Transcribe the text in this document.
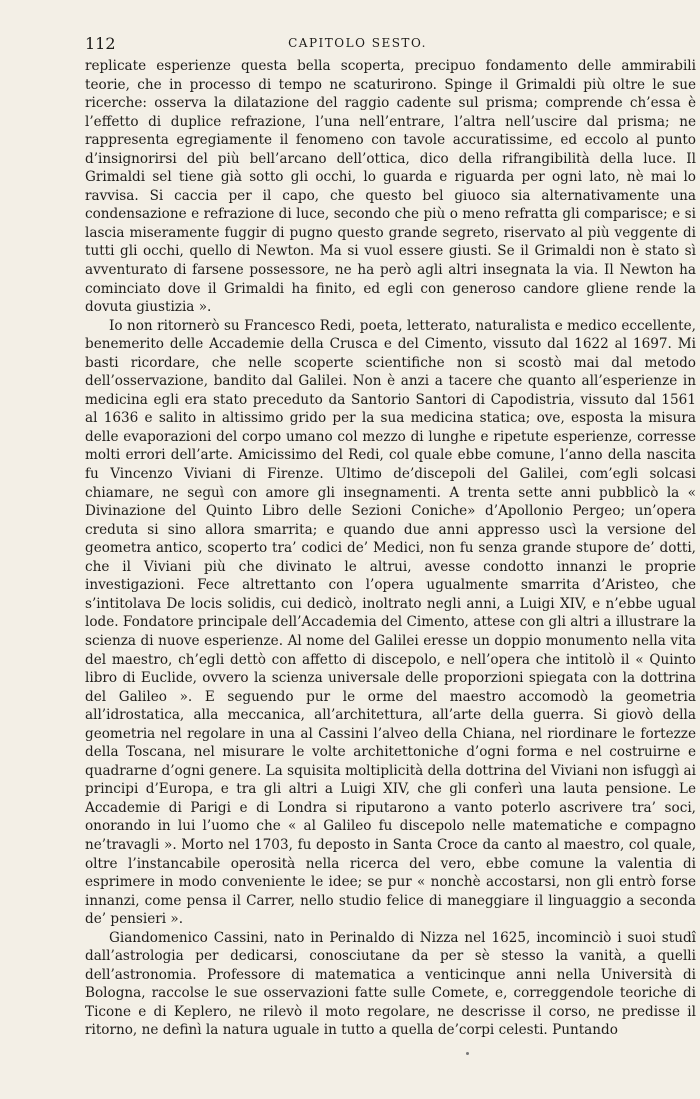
112	CAPITOLO SESTO.

replicate esperienze questa bella scoperta, precipuo fondamento delle ammirabili teorie, che in processo di tempo ne scaturirono. Spinge il Grimaldi più oltre le sue ricerche: osserva la dilatazione del raggio cadente sul prisma; comprende ch’essa è l’effetto di duplice refrazione, l’una nell’entrare, l’altra nell’uscire dal prisma; ne rappresenta egregiamente il fenomeno con tavole accuratissime, ed eccolo al punto d’insignorirsi del più bell’arcano dell’ottica, dico della rifrangibilità della luce. Il Grimaldi sel tiene già sotto gli occhi, lo guarda e riguarda per ogni lato, nè mai lo ravvisa. Si caccia per il capo, che questo bel giuoco sia alternativamente una condensazione e refrazione di luce, secondo che più o meno refratta gli comparisce; e si lascia miseramente fuggir di pugno questo grande segreto, riservato al più veggente di tutti gli occhi, quello di Newton. Ma si vuol essere giusti. Se il Grimaldi non è stato sì avventurato di farsene possessore, ne ha però agli altri insegnata la via. Il Newton ha cominciato dove il Grimaldi ha finito, ed egli con generoso candore gliene rende la dovuta giustizia ».

Io non ritornerò su Francesco Redi, poeta, letterato, naturalista e medico eccellente, benemerito delle Accademie della Crusca e del Cimento, vissuto dal 1622 al 1697. Mi basti ricordare, che nelle scoperte scientifiche non si scostò mai dal metodo dell’osservazione, bandito dal Galilei. Non è anzi a tacere che quanto all’esperienze in medicina egli era stato preceduto da Santorio Santori di Capodistria, vissuto dal 1561 al 1636 e salito in altissimo grido per la sua medicina statica; ove, esposta la misura delle evaporazioni del corpo umano col mezzo di lunghe e ripetute esperienze, corresse molti errori dell’arte. Amicissimo del Redi, col quale ebbe comune, l’anno della nascita fu Vincenzo Viviani di Firenze. Ultimo de’discepoli del Galilei, com’egli solcasi chiamare, ne seguì con amore gli insegnamenti. A trenta sette anni pubblicò la « Divinazione del Quinto Libro delle Sezioni Coniche» d’Apollonio Pergeo; un’opera creduta si sino allora smarrita; e quando due anni appresso uscì la versione del geometra antico, scoperto tra’ codici de’ Medici, non fu senza grande stupore de’ dotti, che il Viviani più che divinato le altrui, avesse condotto innanzi le proprie investigazioni. Fece altrettanto con l’opera ugualmente smarrita d’Aristeo, che s’intitolava De locis solidis, cui dedicò, inoltrato negli anni, a Luigi XIV, e n’ebbe ugual lode. Fondatore principale dell’Accademia del Cimento, attese con gli altri a illustrare la scienza di nuove esperienze. Al nome del Galilei eresse un doppio monumento nella vita del maestro, ch’egli dettò con affetto di discepolo, e nell’opera che intitolò il « Quinto libro di Euclide, ovvero la scienza universale delle proporzioni spiegata con la dottrina del Galileo ». E seguendo pur le orme del maestro accomodò la geometria all’idrostatica, alla meccanica, all’architettura, all’arte della guerra. Si giovò della geometria nel regolare in una al Cassini l’alveo della Chiana, nel riordinare le fortezze della Toscana, nel misurare le volte architettoniche d’ogni forma e nel costruirne e quadrarne d’ogni genere. La squisita moltiplicità della dottrina del Viviani non isfuggì ai principi d’Europa, e tra gli altri a Luigi XIV, che gli conferì una lauta pensione. Le Accademie di Parigi e di Londra si riputarono a vanto poterlo ascrivere tra’ soci, onorando in lui l’uomo che « al Galileo fu discepolo nelle matematiche e compagno ne’travagli ». Morto nel 1703, fu deposto in Santa Croce da canto al maestro, col quale, oltre l’instancabile operosità nella ricerca del vero, ebbe comune la valentia di esprimere in modo conveniente le idee; se pur « nonchè accostarsi, non gli entrò forse innanzi, come pensa il Carrer, nello studio felice di maneggiare il linguaggio a seconda de’ pensieri ».

Giandomenico Cassini, nato in Perinaldo di Nizza nel 1625, incominciò i suoi studî dall’astrologia per dedicarsi, conosciutane da per sè stesso la vanità, a quelli dell’astronomia. Professore di matematica a venticinque anni nella Università di Bologna, raccolse le sue osservazioni fatte sulle Comete, e, correggendole teoriche di Ticone e di Keplero, ne rilevò il moto regolare, ne descrisse il corso, ne predisse il ritorno, ne definì la natura uguale in tutto a quella de’corpi celesti. Puntando
